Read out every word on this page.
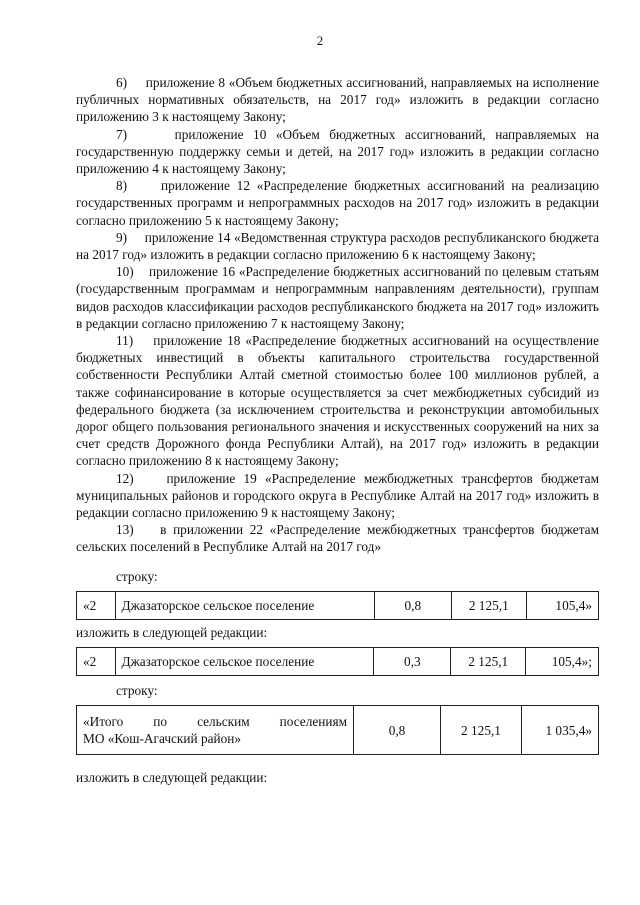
2

6)     приложение 8 «Объем бюджетных ассигнований, направляемых на исполнение публичных нормативных обязательств, на 2017 год» изложить в редакции согласно приложению 3 к настоящему Закону;

7)     приложение 10 «Объем бюджетных ассигнований, направляемых на государственную поддержку семьи и детей, на 2017 год» изложить в редакции согласно приложению 4 к настоящему Закону;

8)     приложение 12 «Распределение бюджетных ассигнований на реализацию государственных программ и непрограммных расходов на 2017 год» изложить в редакции согласно приложению 5 к настоящему Закону;

9)     приложение 14 «Ведомственная структура расходов республиканского бюджета на 2017 год» изложить в редакции согласно приложению 6 к настоящему Закону;

10)    приложение 16 «Распределение бюджетных ассигнований по целевым статьям (государственным программам и непрограммным направлениям деятельности), группам видов расходов классификации расходов республиканского бюджета на 2017 год» изложить в редакции согласно приложению 7 к настоящему Закону;

11)    приложение 18 «Распределение бюджетных ассигнований на осуществление бюджетных инвестиций в объекты капитального строительства государственной собственности Республики Алтай сметной стоимостью более 100 миллионов рублей, а также софинансирование в которые осуществляется за счет межбюджетных субсидий из федерального бюджета (за исключением строительства и реконструкции автомобильных дорог общего пользования регионального значения и искусственных сооружений на них за счет средств Дорожного фонда Республики Алтай), на 2017 год» изложить в редакции согласно приложению 8 к настоящему Закону;

12)    приложение 19 «Распределение межбюджетных трансфертов бюджетам муниципальных районов и городского округа в Республике Алтай на 2017 год» изложить в редакции согласно приложению 9 к настоящему Закону;

13)    в приложении 22 «Распределение межбюджетных трансфертов бюджетам сельских поселений в Республике Алтай на 2017 год»

строку:

«2	Джазаторское сельское поселение	0,8	2 125,1	105,4»

изложить в следующей редакции:

«2	Джазаторское сельское поселение	0,3	2 125,1	105,4»;

строку:

«Итого по сельским поселениям

МО «Кош-Агачский район»
	0,8	2 125,1	1 035,4»

изложить в следующей редакции:
